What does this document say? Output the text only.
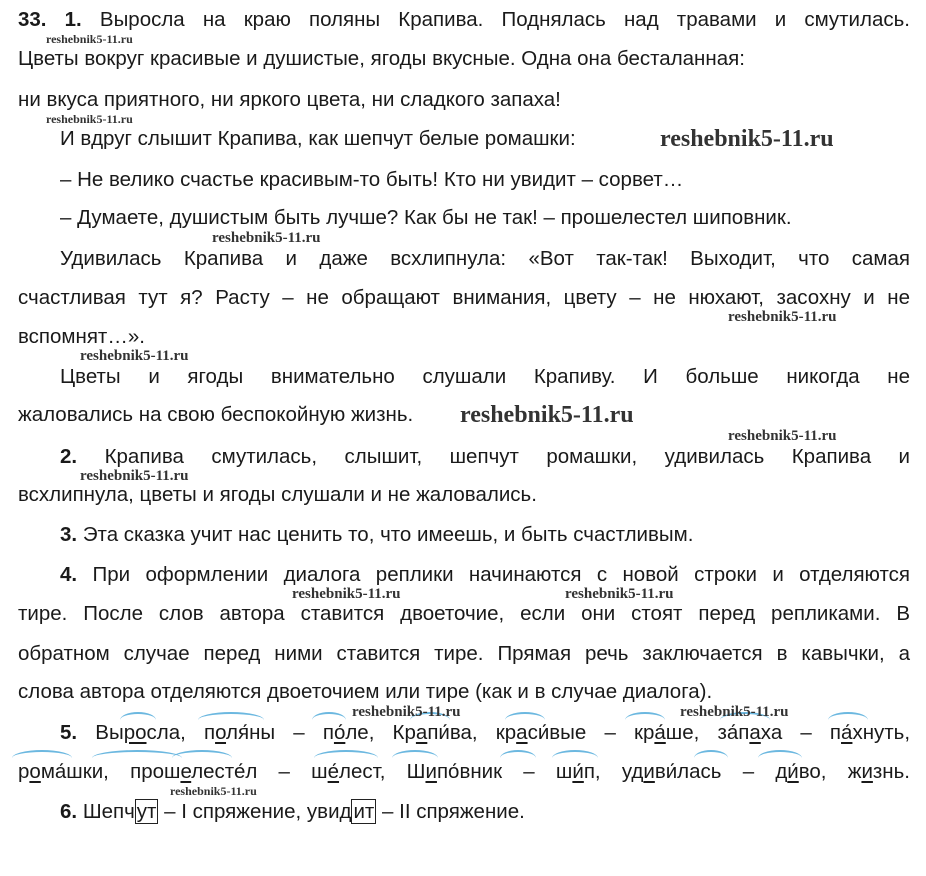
33. 1. Выросла на краю поляны Крапива. Поднялась над травами и смутилась.
Цветы вокруг красивые и душистые, ягоды вкусные. Одна она бесталанная:
ни вкуса приятного, ни яркого цвета, ни сладкого запаха!
И вдруг слышит Крапива, как шепчут белые ромашки:
– Не велико счастье красивым-то быть! Кто ни увидит – сорвет…
– Думаете, душистым быть лучше? Как бы не так! – прошелестел шиповник.
Удивилась Крапива и даже всхлипнула: «Вот так-так! Выходит, что самая
счастливая тут я? Расту – не обращают внимания, цвету – не нюхают, засохну и не
вспомнят…».
Цветы и ягоды внимательно слушали Крапиву. И больше никогда не
жаловались на свою беспокойную жизнь.
2. Крапива смутилась, слышит, шепчут ромашки, удивилась Крапива и
всхлипнула, цветы и ягоды слушали и не жаловались.
3. Эта сказка учит нас ценить то, что имеешь, и быть счастливым.
4. При оформлении диалога реплики начинаются с новой строки и отделяются
тире. После слов автора ставится двоеточие, если они стоят перед репликами. В
обратном случае перед ними ставится тире. Прямая речь заключается в кавычки, а
слова автора отделяются двоеточием или тире (как и в случае диалога).
5. Выросла, поля́ны – по́ле, Крапи́ва, краси́вые – кра́ше, за́паха – па́хнуть,
рома́шки, прошелесте́л – ше́лест, Шипо́вник – ши́п, удиви́лась – ди́во, жизнь.
6. Шепчут – I спряжение, увидит – II спряжение.
reshebnik5-11.ru
reshebnik5-11.ru
reshebnik5-11.ru
reshebnik5-11.ru
reshebnik5-11.ru
reshebnik5-11.ru
reshebnik5-11.ru
reshebnik5-11.ru
reshebnik5-11.ru
reshebnik5-11.ru	reshebnik5-11.ru
reshebnik5-11.ru	reshebnik5-11.ru
reshebnik5-11.ru
